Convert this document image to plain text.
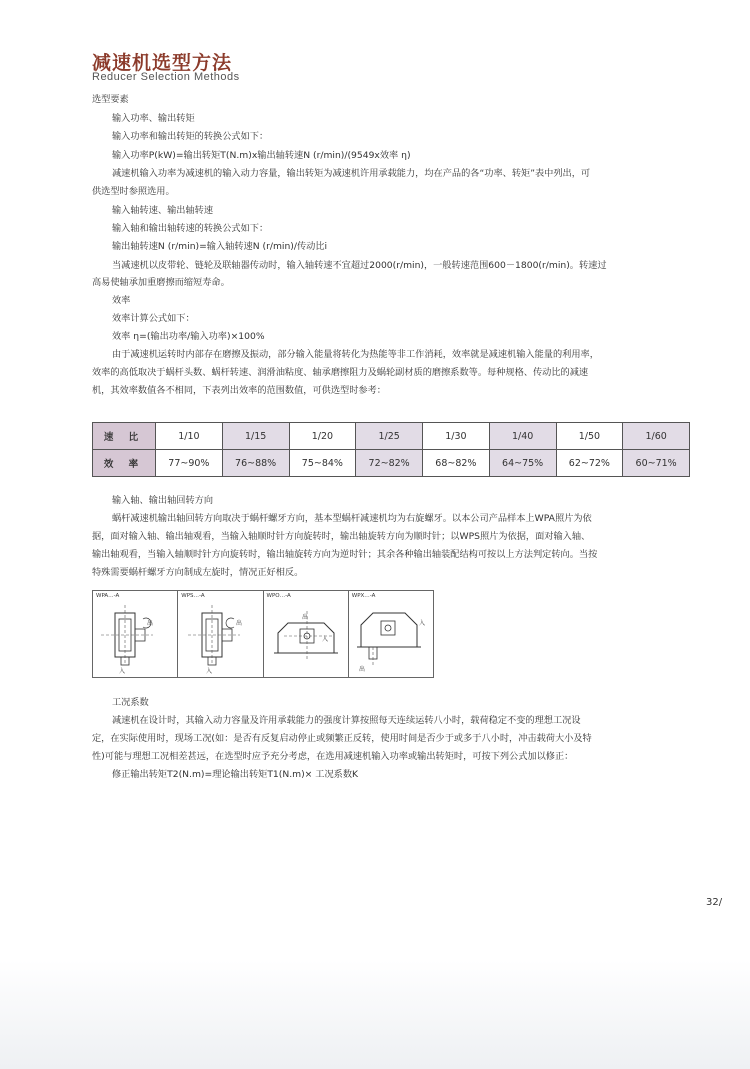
减速机选型方法
Reducer Selection Methods
选型要素
输入功率、输出转矩
输入功率和输出转矩的转换公式如下：
输入功率P(kW)=输出转矩T(N.m)x输出轴转速N (r/min)/(9549x效率 η)
减速机输入功率为减速机的输入动力容量，输出转矩为减速机许用承载能力，均在产品的各“功率、转矩”表中列出，可
供选型时参照选用。
输入轴转速、输出轴转速
输入轴和输出轴转速的转换公式如下：
输出轴转速N (r/min)=输入轴转速N (r/min)/传动比i
当减速机以皮带轮、链轮及联轴器传动时，输入轴转速不宜超过2000(r/min)，一般转速范围600－1800(r/min)。转速过
高易使轴承加重磨擦而缩短寿命。
效率
效率计算公式如下：
效率 η=(输出功率/输入功率)×100%
由于减速机运转时内部存在磨擦及振动，部分输入能量将转化为热能等非工作消耗，效率就是减速机输入能量的利用率，
效率的高低取决于蜗杆头数、蜗杆转速、润滑油粘度、轴承磨擦阻力及蜗轮副材质的磨擦系数等。每种规格、传动比的减速
机，其效率数值各不相同，下表列出效率的范围数值，可供选型时参考：
速 比	1/10	1/15	1/20	1/25	1/30	1/40	1/50	1/60
效 率	77~90%	76~88%	75~84%	72~82%	68~82%	64~75%	62~72%	60~71%
输入轴、输出轴回转方向
蜗杆减速机输出轴回转方向取决于蜗杆螺牙方向，基本型蜗杆减速机均为右旋螺牙。以本公司产品样本上WPA照片为依
据，面对输入轴、输出轴观看，当输入轴顺时针方向旋转时，输出轴旋转方向为顺时针；以WPS照片为依据，面对输入轴、
输出轴观看，当输入轴顺时针方向旋转时，输出轴旋转方向为逆时针；其余各种输出轴装配结构可按以上方法判定转向。当按
特殊需要蜗杆螺牙方向制成左旋时，情况正好相反。
WPA…-A
出
入
WPS…-A
出
入
WPO…-A
入
出
WPX…-A
入
出
工况系数
减速机在设计时，其输入动力容量及许用承载能力的强度计算按照每天连续运转八小时，载荷稳定不变的理想工况设
定，在实际使用时，现场工况(如：是否有反复启动停止或频繁正反转，使用时间是否少于或多于八小时，冲击载荷大小及特
性)可能与理想工况相差甚远，在选型时应予充分考虑，在选用减速机输入功率或输出转矩时，可按下列公式加以修正：
修正输出转矩T2(N.m)=理论输出转矩T1(N.m)× 工况系数K
32/
